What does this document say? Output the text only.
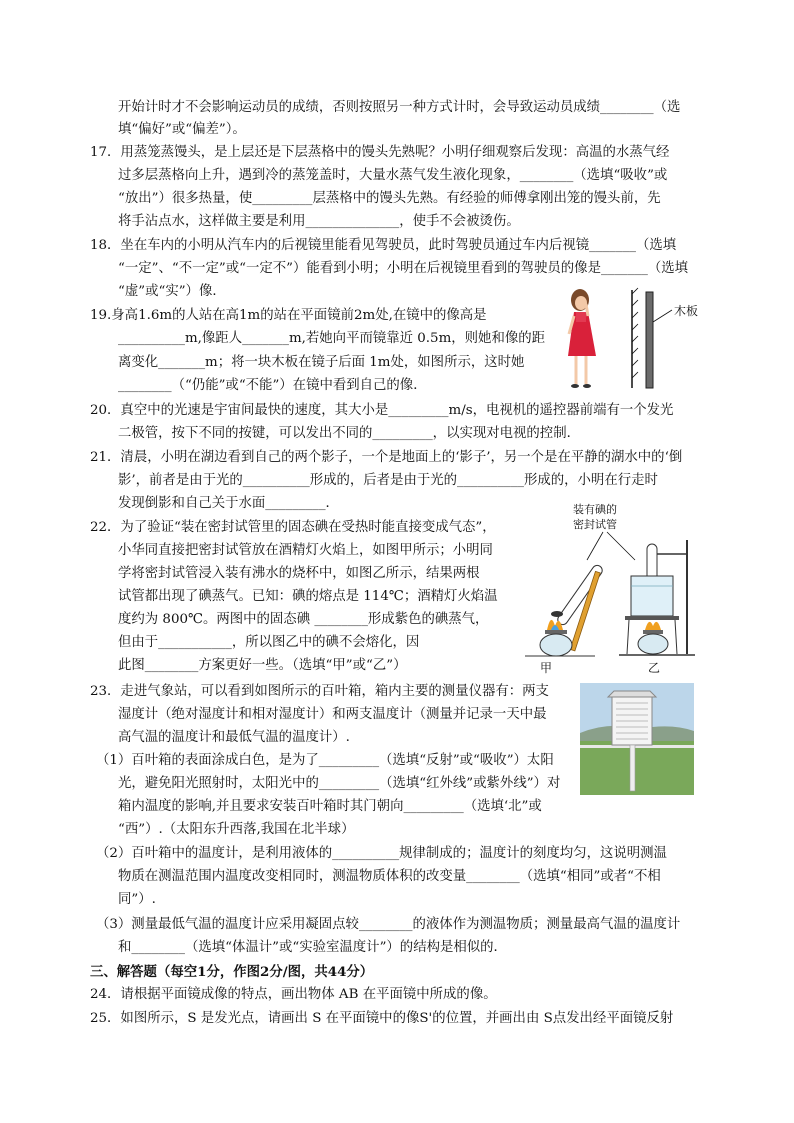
开始计时才不会影响运动员的成绩，否则按照另一种方式计时，会导致运动员成绩________（选
填“偏好”或“偏差”）。
17．用蒸笼蒸馒头，是上层还是下层蒸格中的馒头先熟呢？小明仔细观察后发现：高温的水蒸气经
过多层蒸格向上升，遇到冷的蒸笼盖时，大量水蒸气发生液化现象，________（选填“吸收”或
“放出”）很多热量，使_________层蒸格中的馒头先熟。有经验的师傅拿刚出笼的馒头前，先
将手沾点水，这样做主要是利用______________，使手不会被烫伤。
18．坐在车内的小明从汽车内的后视镜里能看见驾驶员，此时驾驶员通过车内后视镜_______（选填
“一定”、“不一定”或“一定不”）能看到小明；小明在后视镜里看到的驾驶员的像是_______（选填
“虚”或“实”）像．
19.身高1.6m的人站在高1m的站在平面镜前2m处,在镜中的像高是
__________m,像距人_______m,若她向平而镜靠近 0.5m，则她和像的距
离变化_______m；将一块木板在镜子后面 1m处，如图所示，这时她
________（“仍能”或“不能”）在镜中看到自己的像．
20．真空中的光速是宇宙间最快的速度，其大小是_________m/s，电视机的遥控器前端有一个发光
二极管，按下不同的按键，可以发出不同的_________，以实现对电视的控制．
21．清晨，小明在湖边看到自己的两个影子，一个是地面上的‘影子’，另一个是在平静的湖水中的‘倒
影’，前者是由于光的__________形成的，后者是由于光的__________形成的，小明在行走时
发现倒影和自己关于水面_________．
22．为了验证“装在密封试管里的固态碘在受热时能直接变成气态”，
小华同直接把密封试管放在酒精灯火焰上，如图甲所示；小明同
学将密封试管浸入装有沸水的烧杯中，如图乙所示，结果两根
试管都出现了碘蒸气。已知：碘的熔点是 114℃；酒精灯火焰温
度约为 800℃。两图中的固态碘 ________形成紫色的碘蒸气，
但由于___________，所以图乙中的碘不会熔化，因
此图________方案更好一些。（选填“甲”或“乙”）
23．走进气象站，可以看到如图所示的百叶箱，箱内主要的测量仪器有：两支
湿度计（绝对湿度计和相对湿度计）和两支温度计（测量并记录一天中最
高气温的温度计和最低气温的温度计）.
（1）百叶箱的表面涂成白色，是为了_________（选填“反射”或“吸收”）太阳
光，避免阳光照射时，太阳光中的_________（选填“红外线”或紫外线”）对
箱内温度的影响,并且要求安装百叶箱时其门朝向_________（选填‘北”或
“西”）.（太阳东升西落,我国在北半球）
（2）百叶箱中的温度计，是利用液体的__________规律制成的；温度计的刻度均匀，这说明测温
物质在测温范围内温度改变相同时，测温物质体积的改变量________（选填“相同”或者“不相
同”）.
（3）测量最低气温的温度计应采用凝固点较________的液体作为测温物质；测量最高气温的温度计
和________（选填“体温计”或“实验室温度计”）的结构是相似的．
三、解答题（每空1分，作图2分/图，共44分）
24．请根据平面镜成像的特点，画出物体 AB 在平面镜中所成的像。
25．如图所示，S 是发光点，请画出 S 在平面镜中的像S'的位置，并画出由 S点发出经平面镜反射
木板
装有碘的密封试管
甲	乙
